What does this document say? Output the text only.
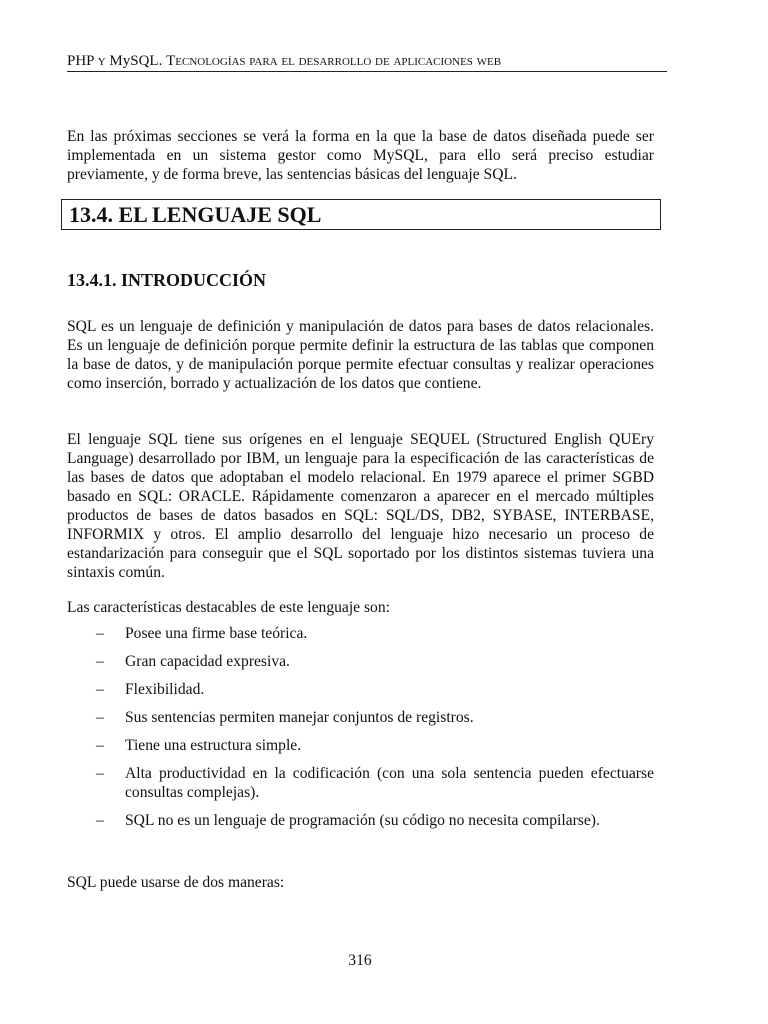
PHP y MySQL. Tecnologías para el desarrollo de aplicaciones web

En las próximas secciones se verá la forma en la que la base de datos diseñada puede ser implementada en un sistema gestor como MySQL, para ello será preciso estudiar previamente, y de forma breve, las sentencias básicas del lenguaje SQL.

13.4. EL LENGUAJE SQL
13.4.1. INTRODUCCIÓN

SQL es un lenguaje de definición y manipulación de datos para bases de datos relacionales. Es un lenguaje de definición porque permite definir la estructura de las tablas que componen la base de datos, y de manipulación porque permite efectuar consultas y realizar operaciones como inserción, borrado y actualización de los datos que contiene.

El lenguaje SQL tiene sus orígenes en el lenguaje SEQUEL (Structured English QUEry Language) desarrollado por IBM, un lenguaje para la especificación de las características de las bases de datos que adoptaban el modelo relacional. En 1979 aparece el primer SGBD basado en SQL: ORACLE. Rápidamente comenzaron a aparecer en el mercado múltiples productos de bases de datos basados en SQL: SQL/DS, DB2, SYBASE, INTERBASE, INFORMIX y otros. El amplio desarrollo del lenguaje hizo necesario un proceso de estandarización para conseguir que el SQL soportado por los distintos sistemas tuviera una sintaxis común.

Las características destacables de este lenguaje son:

– Posee una firme base teórica.
– Gran capacidad expresiva.
– Flexibilidad.
– Sus sentencias permiten manejar conjuntos de registros.
– Tiene una estructura simple.
– Alta productividad en la codificación (con una sola sentencia pueden efectuarse consultas complejas).
– SQL no es un lenguaje de programación (su código no necesita compilarse).

SQL puede usarse de dos maneras:

316
